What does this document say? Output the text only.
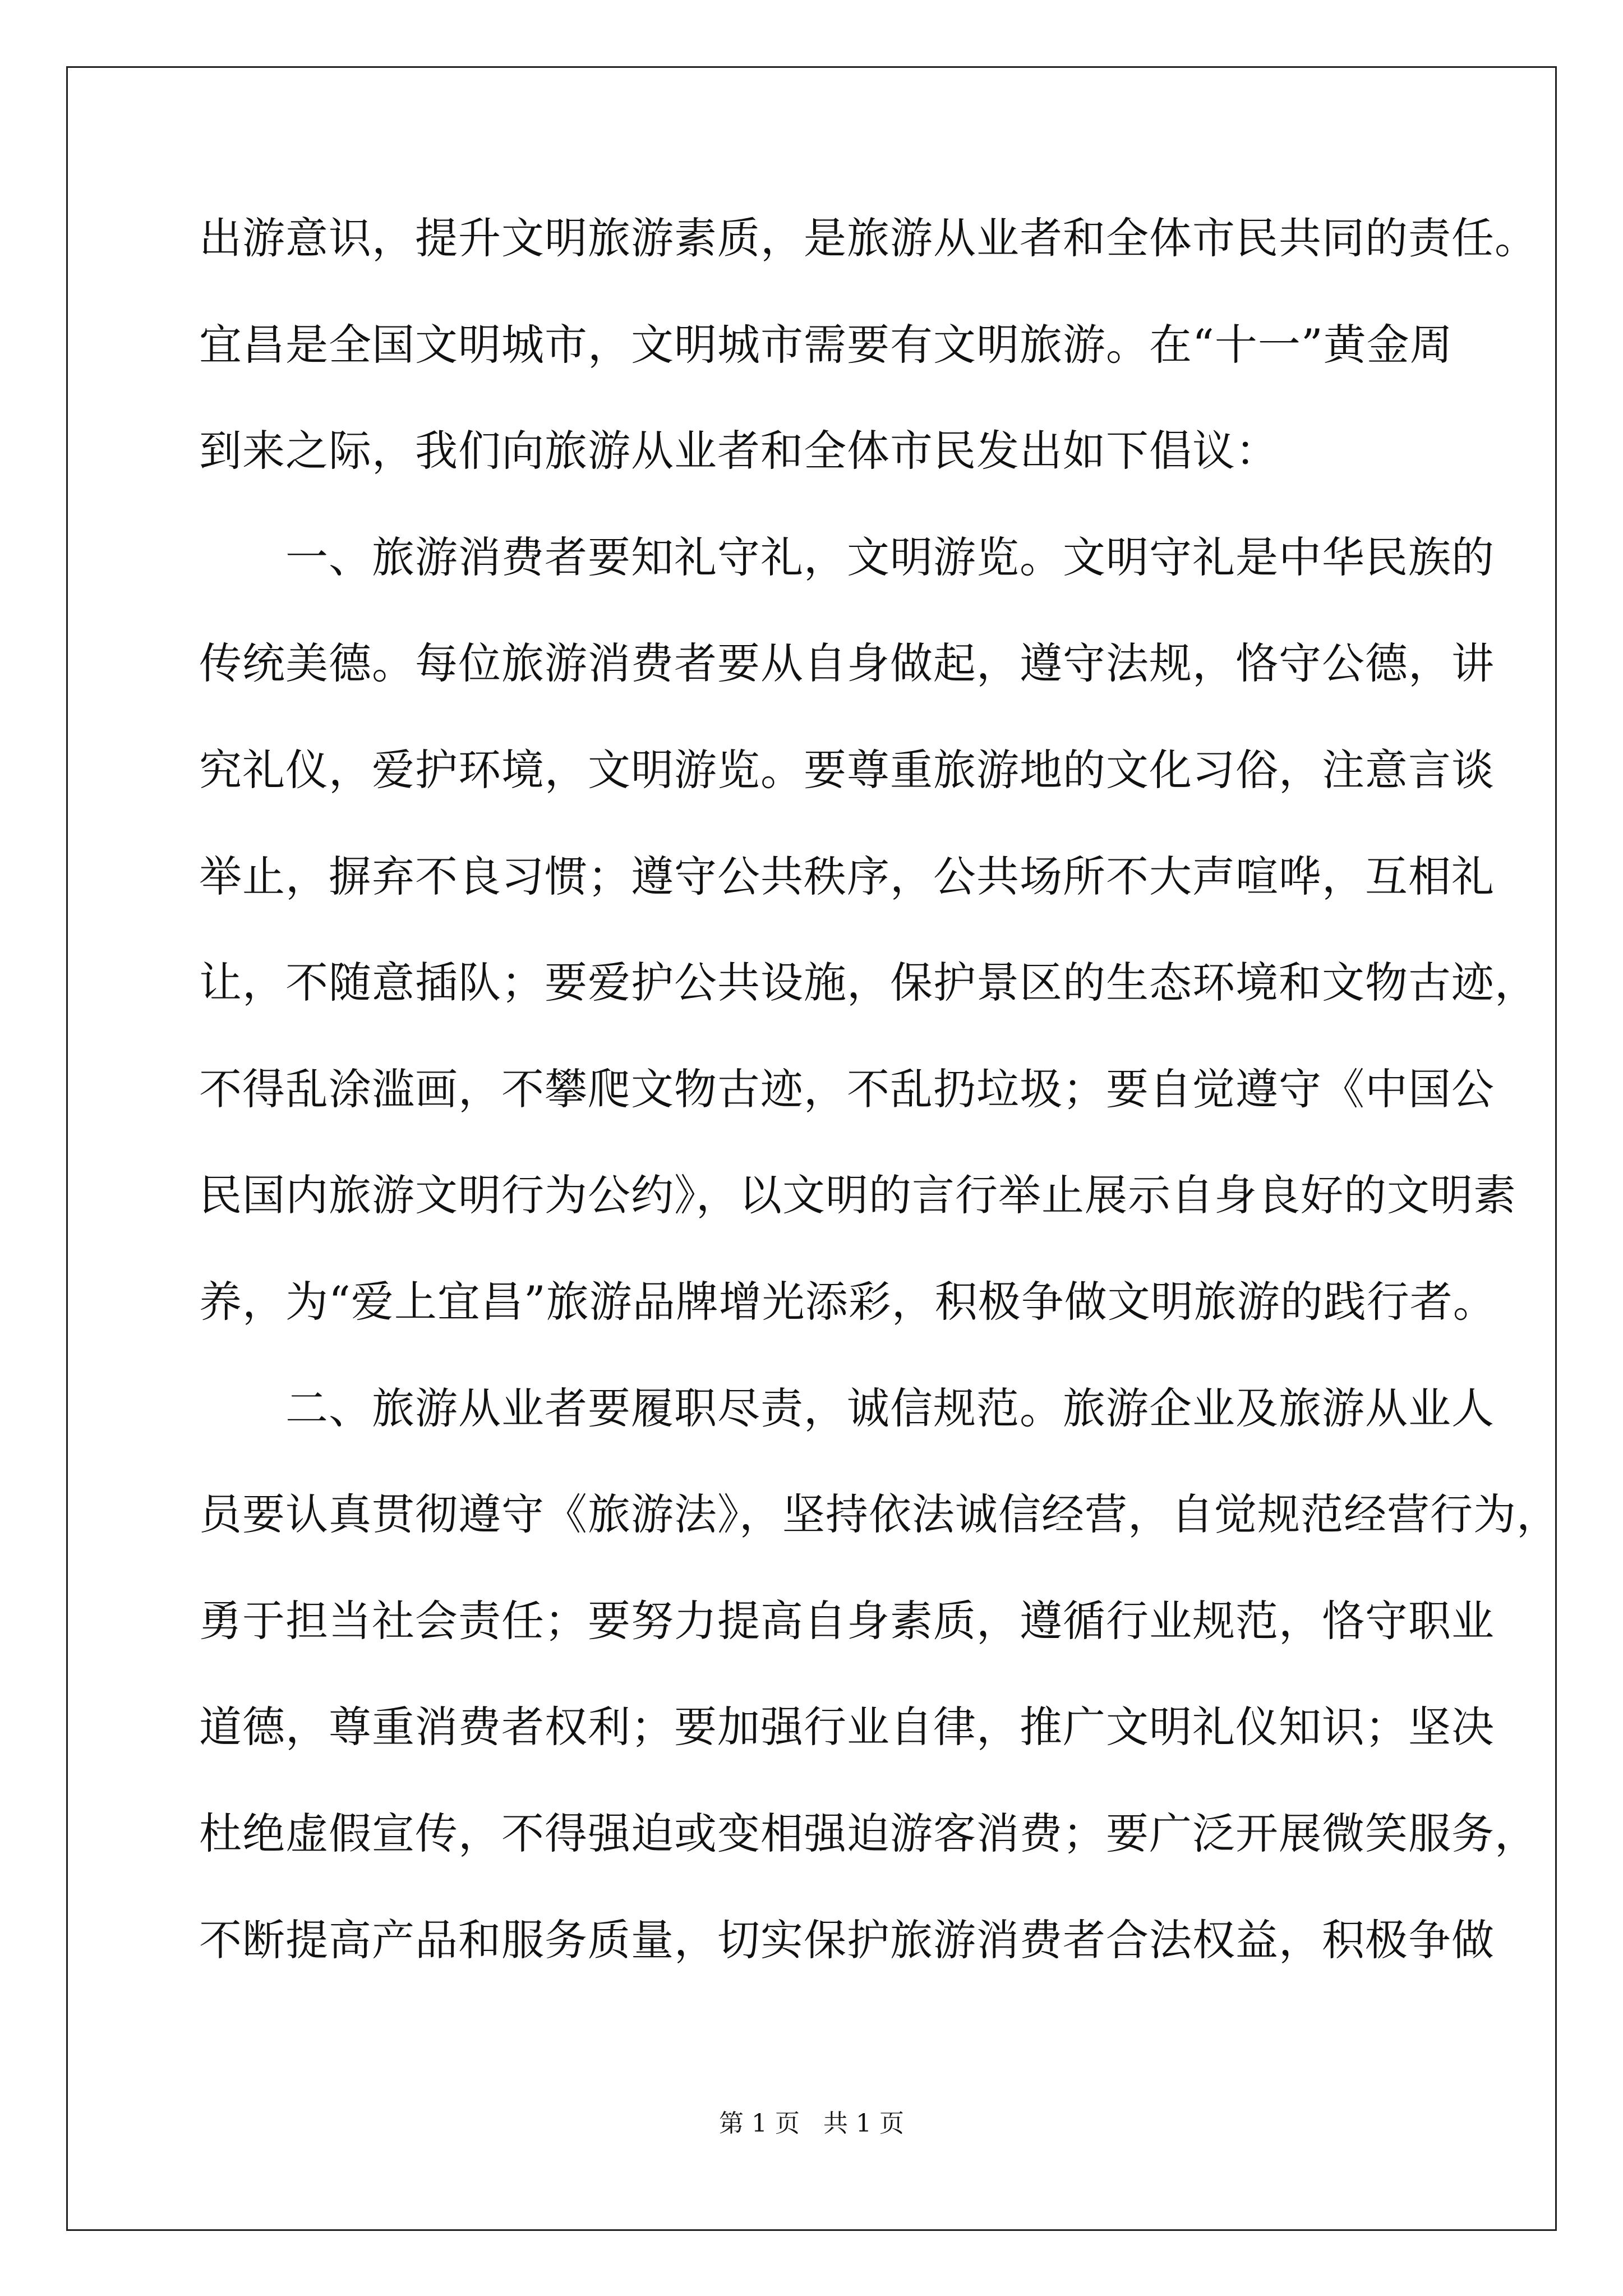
出游意识，提升文明旅游素质，是旅游从业者和全体市民共同的责任。
宜昌是全国文明城市，文明城市需要有文明旅游。在“十一”黄金周
到来之际，我们向旅游从业者和全体市民发出如下倡议：
　　一、旅游消费者要知礼守礼，文明游览。文明守礼是中华民族的
传统美德。每位旅游消费者要从自身做起，遵守法规，恪守公德，讲
究礼仪，爱护环境，文明游览。要尊重旅游地的文化习俗，注意言谈
举止，摒弃不良习惯；遵守公共秩序，公共场所不大声喧哗，互相礼
让，不随意插队；要爱护公共设施，保护景区的生态环境和文物古迹，
不得乱涂滥画，不攀爬文物古迹，不乱扔垃圾；要自觉遵守《中国公
民国内旅游文明行为公约》，以文明的言行举止展示自身良好的文明素
养，为“爱上宜昌”旅游品牌增光添彩，积极争做文明旅游的践行者。
　　二、旅游从业者要履职尽责，诚信规范。旅游企业及旅游从业人
员要认真贯彻遵守《旅游法》，坚持依法诚信经营，自觉规范经营行为，
勇于担当社会责任；要努力提高自身素质，遵循行业规范，恪守职业
道德，尊重消费者权利；要加强行业自律，推广文明礼仪知识；坚决
杜绝虚假宣传，不得强迫或变相强迫游客消费；要广泛开展微笑服务，
不断提高产品和服务质量，切实保护旅游消费者合法权益，积极争做
第 1 页   共 1 页
